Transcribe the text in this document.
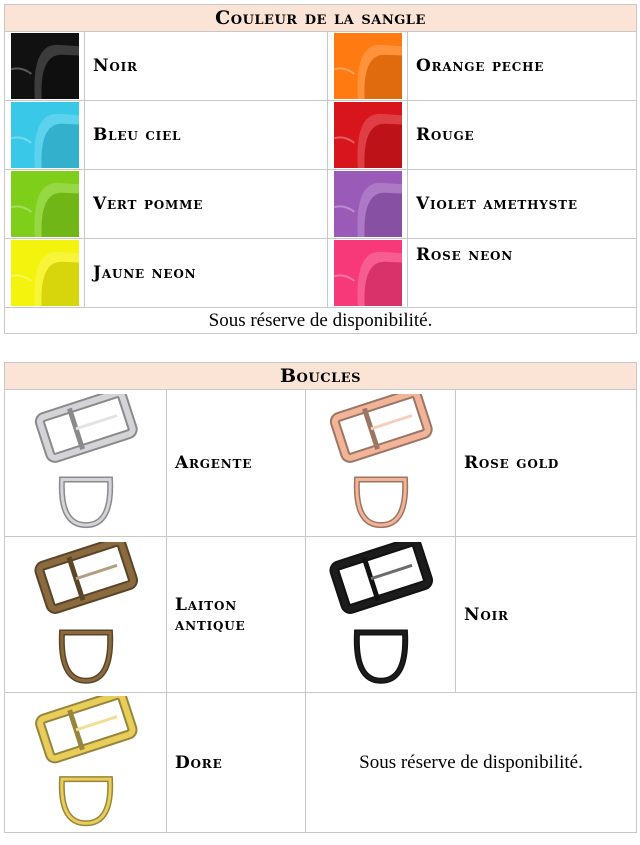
Couleur de la sangle			

	Noir		Orange peche

	Bleu ciel		Rouge

	Vert pomme		Violet amethyste

	Jaune neon		Rose neon
Sous réserve de disponibilité.			
Boucles			

	Argente		Rose gold

	Laiton antique		Noir

	Dore	Sous réserve de disponibilité.	
